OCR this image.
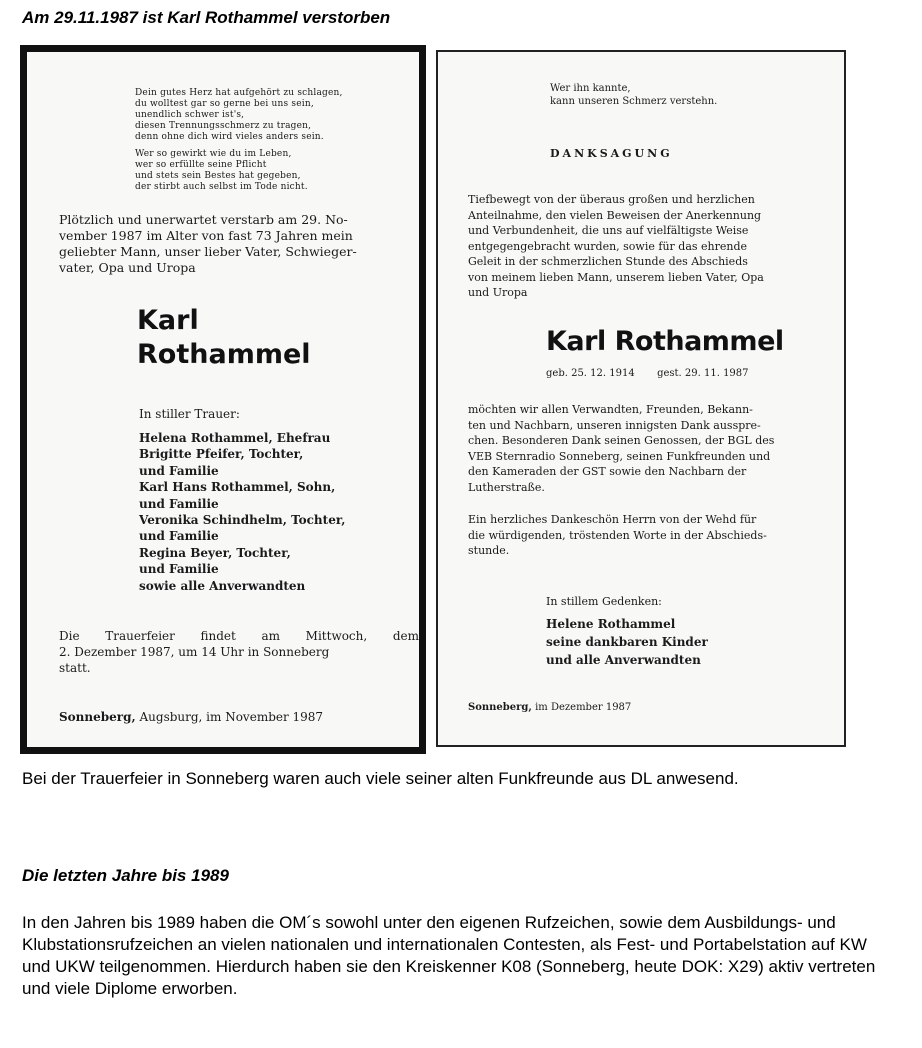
Am 29.11.1987 ist Karl Rothammel verstorben
Dein gutes Herz hat aufgehört zu schlagen,
du wolltest gar so gerne bei uns sein,
unendlich schwer ist's,
diesen Trennungsschmerz zu tragen,
denn ohne dich wird vieles anders sein.
Wer so gewirkt wie du im Leben,
wer so erfüllte seine Pflicht
und stets sein Bestes hat gegeben,
der stirbt auch selbst im Tode nicht.
Plötzlich und unerwartet verstarb am 29. No-
vember 1987 im Alter von fast 73 Jahren mein
geliebter Mann, unser lieber Vater, Schwieger-
vater, Opa und Uropa
Karl
Rothammel
In stiller Trauer:
Helena Rothammel, Ehefrau
Brigitte Pfeifer, Tochter,
und Familie
Karl Hans Rothammel, Sohn,
und Familie
Veronika Schindhelm, Tochter,
und Familie
Regina Beyer, Tochter,
und Familie
sowie alle Anverwandten
Die Trauerfeier findet am Mittwoch, dem
2. Dezember 1987, um 14 Uhr in Sonneberg
statt.
Sonneberg, Augsburg, im November 1987
Wer ihn kannte,
kann unseren Schmerz verstehn.
DANKSAGUNG
Tiefbewegt von der überaus großen und herzlichen
Anteilnahme, den vielen Beweisen der Anerkennung
und Verbundenheit, die uns auf vielfältigste Weise
entgegengebracht wurden, sowie für das ehrende
Geleit in der schmerzlichen Stunde des Abschieds
von meinem lieben Mann, unserem lieben Vater, Opa
und Uropa
Karl Rothammel
geb. 25. 12. 1914 gest. 29. 11. 1987
möchten wir allen Verwandten, Freunden, Bekann-
ten und Nachbarn, unseren innigsten Dank ausspre-
chen. Besonderen Dank seinen Genossen, der BGL des
VEB Sternradio Sonneberg, seinen Funkfreunden und
den Kameraden der GST sowie den Nachbarn der
Lutherstraße.
Ein herzliches Dankeschön Herrn von der Wehd für
die würdigenden, tröstenden Worte in der Abschieds-
stunde.
In stillem Gedenken:
Helene Rothammel
seine dankbaren Kinder
und alle Anverwandten
Sonneberg, im Dezember 1987
Bei der Trauerfeier in Sonneberg waren auch viele seiner alten Funkfreunde aus DL anwesend.
Die letzten Jahre bis 1989
In den Jahren bis 1989 haben die OM´s sowohl unter den eigenen Rufzeichen, sowie dem Ausbildungs- und Klubstationsrufzeichen an vielen nationalen und internationalen Contesten, als Fest- und Portabelstation auf KW und UKW teilgenommen. Hierdurch haben sie den Kreiskenner K08 (Sonneberg, heute DOK: X29) aktiv vertreten und viele Diplome erworben.
